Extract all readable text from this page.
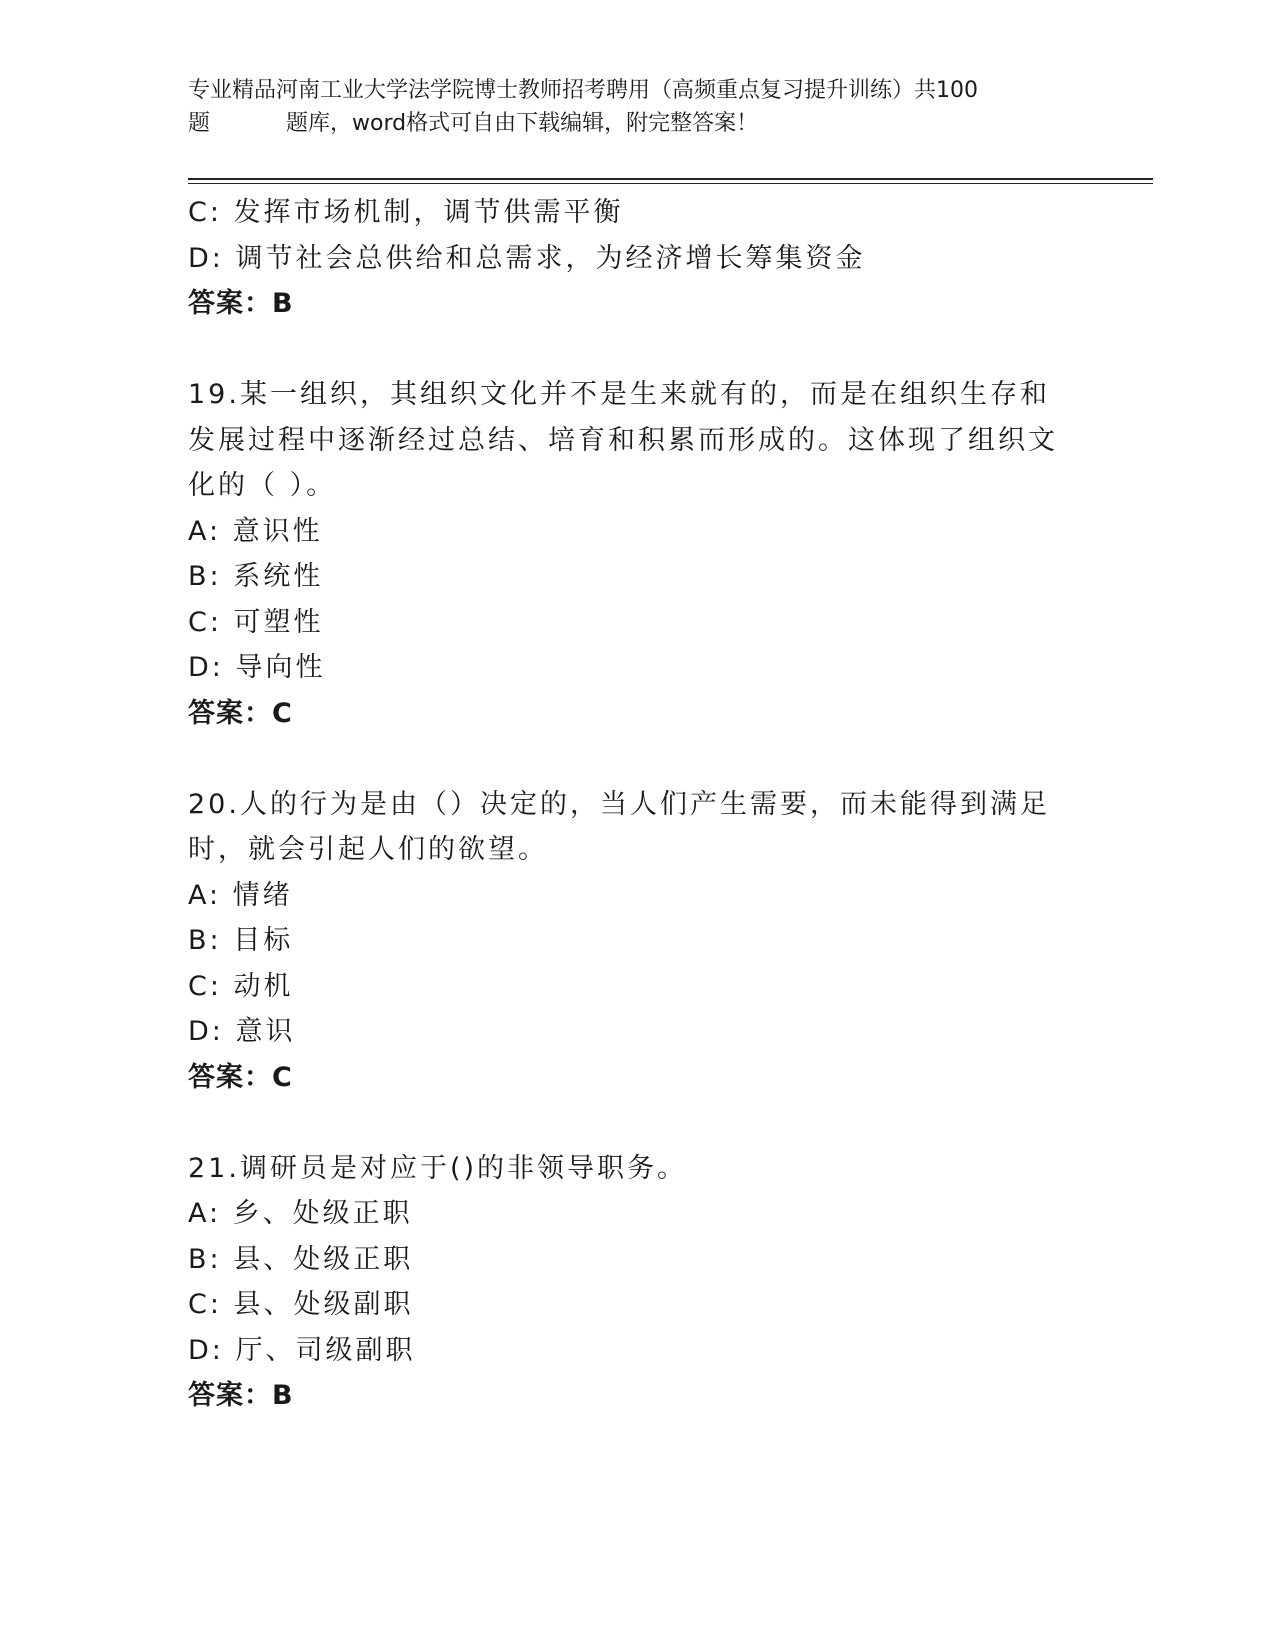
专业精品河南工业大学法学院博士教师招考聘用（高频重点复习提升训练）共100
题	题库，word格式可自由下载编辑，附完整答案！
C: 发挥市场机制，调节供需平衡
D: 调节社会总供给和总需求，为经济增长筹集资金
答案：B
19.某一组织，其组织文化并不是生来就有的，而是在组织生存和发展过程中逐渐经过总结、培育和积累而形成的。这体现了组织文化的（ ）。
A: 意识性
B: 系统性
C: 可塑性
D: 导向性
答案：C
20.人的行为是由（）决定的，当人们产生需要，而未能得到满足时，就会引起人们的欲望。
A: 情绪
B: 目标
C: 动机
D: 意识
答案：C
21.调研员是对应于()的非领导职务。
A: 乡、处级正职
B: 县、处级正职
C: 县、处级副职
D: 厅、司级副职
答案：B
